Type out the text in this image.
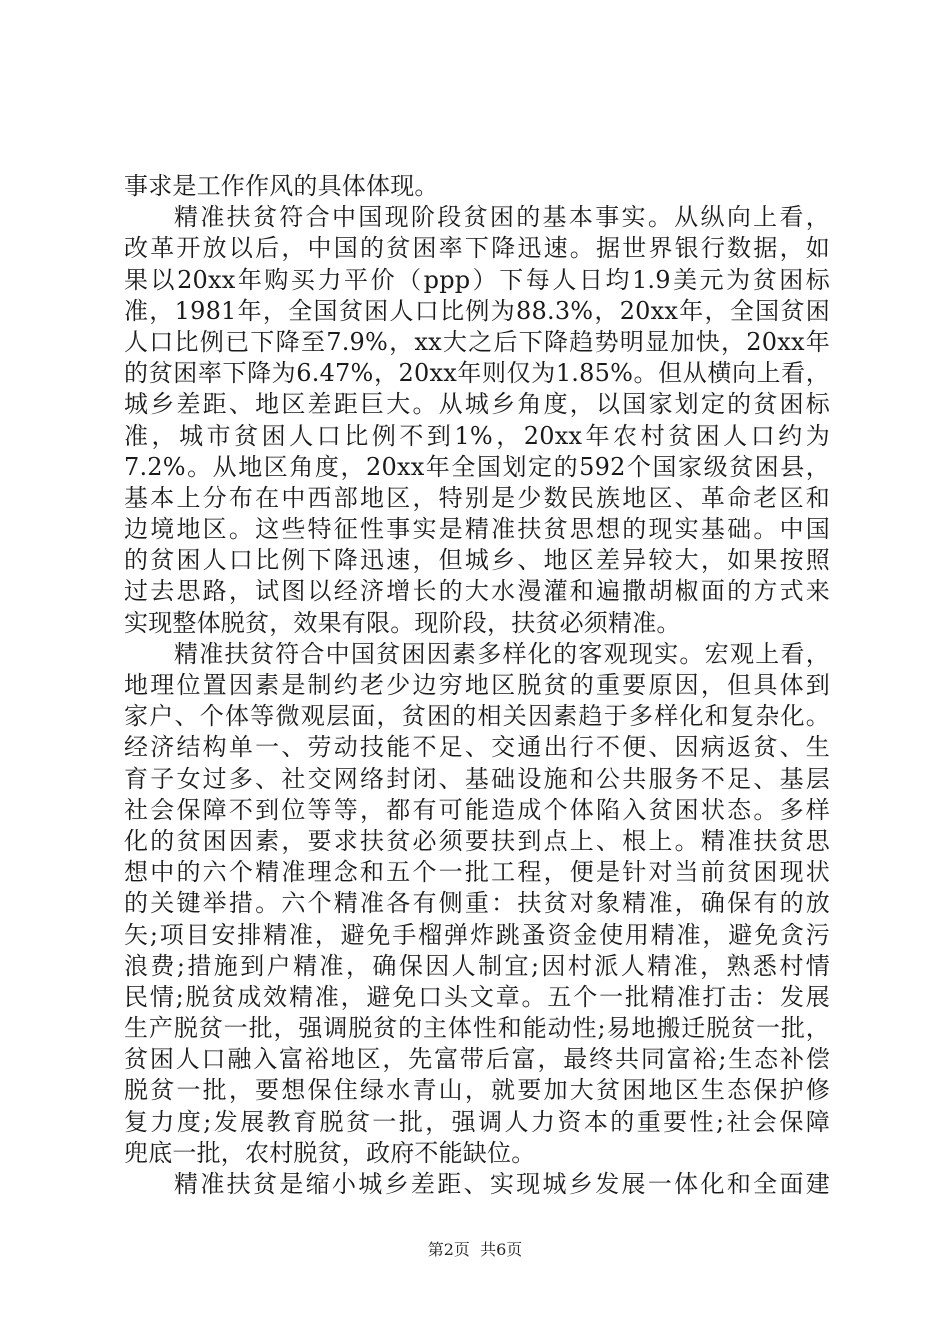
事求是工作作风的具体体现。
精准扶贫符合中国现阶段贫困的基本事实。从纵向上看，
改革开放以后，中国的贫困率下降迅速。据世界银行数据，如
果以20xx年购买力平价（ppp）下每人日均1.9美元为贫困标
准，1981年，全国贫困人口比例为88.3%，20xx年，全国贫困
人口比例已下降至7.9%，xx大之后下降趋势明显加快，20xx年
的贫困率下降为6.47%，20xx年则仅为1.85%。但从横向上看，
城乡差距、地区差距巨大。从城乡角度，以国家划定的贫困标
准，城市贫困人口比例不到1%，20xx年农村贫困人口约为
7.2%。从地区角度，20xx年全国划定的592个国家级贫困县，
基本上分布在中西部地区，特别是少数民族地区、革命老区和
边境地区。这些特征性事实是精准扶贫思想的现实基础。中国
的贫困人口比例下降迅速，但城乡、地区差异较大，如果按照
过去思路，试图以经济增长的大水漫灌和遍撒胡椒面的方式来
实现整体脱贫，效果有限。现阶段，扶贫必须精准。
精准扶贫符合中国贫困因素多样化的客观现实。宏观上看，
地理位置因素是制约老少边穷地区脱贫的重要原因，但具体到
家户、个体等微观层面，贫困的相关因素趋于多样化和复杂化。
经济结构单一、劳动技能不足、交通出行不便、因病返贫、生
育子女过多、社交网络封闭、基础设施和公共服务不足、基层
社会保障不到位等等，都有可能造成个体陷入贫困状态。多样
化的贫困因素，要求扶贫必须要扶到点上、根上。精准扶贫思
想中的六个精准理念和五个一批工程，便是针对当前贫困现状
的关键举措。六个精准各有侧重：扶贫对象精准，确保有的放
矢;项目安排精准，避免手榴弹炸跳蚤资金使用精准，避免贪污
浪费;措施到户精准，确保因人制宜;因村派人精准，熟悉村情
民情;脱贫成效精准，避免口头文章。五个一批精准打击：发展
生产脱贫一批，强调脱贫的主体性和能动性;易地搬迁脱贫一批，
贫困人口融入富裕地区，先富带后富，最终共同富裕;生态补偿
脱贫一批，要想保住绿水青山，就要加大贫困地区生态保护修
复力度;发展教育脱贫一批，强调人力资本的重要性;社会保障
兜底一批，农村脱贫，政府不能缺位。
精准扶贫是缩小城乡差距、实现城乡发展一体化和全面建
第2页  共6页
